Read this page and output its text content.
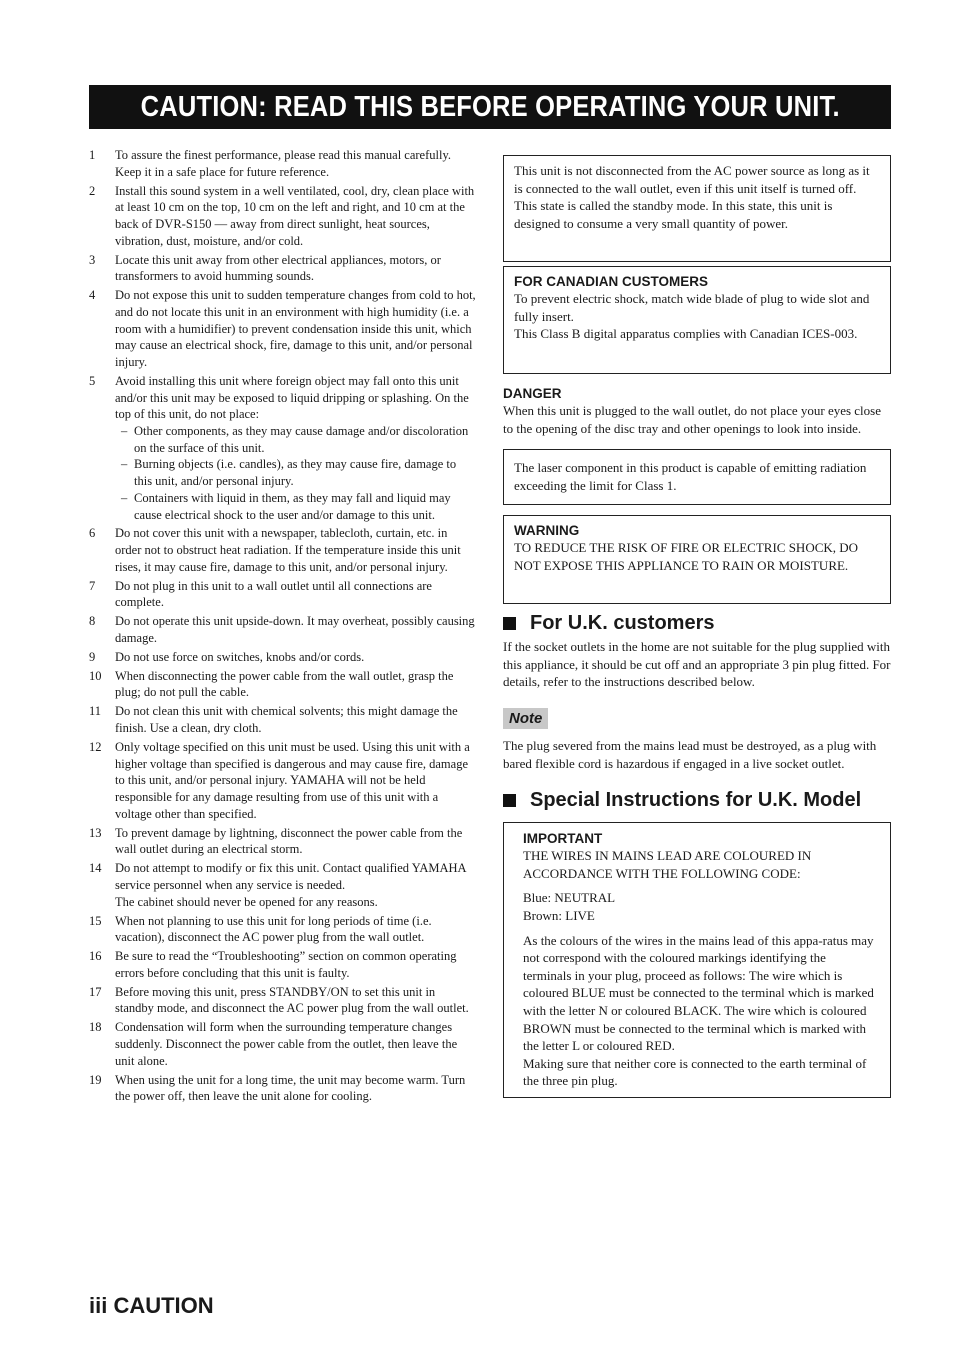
CAUTION: READ THIS BEFORE OPERATING YOUR UNIT.
1	To assure the finest performance, please read this manual carefully. Keep it in a safe place for future reference.
2	Install this sound system in a well ventilated, cool, dry, clean place with at least 10 cm on the top, 10 cm on the left and right, and 10 cm at the back of DVR-S150 — away from direct sunlight, heat sources, vibration, dust, moisture, and/or cold.
3	Locate this unit away from other electrical appliances, motors, or transformers to avoid humming sounds.
4	Do not expose this unit to sudden temperature changes from cold to hot, and do not locate this unit in an environment with high humidity (i.e. a room with a humidifier) to prevent condensation inside this unit, which may cause an electrical shock, fire, damage to this unit, and/or personal injury.
5	Avoid installing this unit where foreign object may fall onto this unit and/or this unit may be exposed to liquid dripping or splashing. On the top of this unit, do not place:
– Other components, as they may cause damage and/or discoloration on the surface of this unit.
– Burning objects (i.e. candles), as they may cause fire, damage to this unit, and/or personal injury.
– Containers with liquid in them, as they may fall and liquid may cause electrical shock to the user and/or damage to this unit.
6	Do not cover this unit with a newspaper, tablecloth, curtain, etc. in order not to obstruct heat radiation. If the temperature inside this unit rises, it may cause fire, damage to this unit, and/or personal injury.
7	Do not plug in this unit to a wall outlet until all connections are complete.
8	Do not operate this unit upside-down. It may overheat, possibly causing damage.
9	Do not use force on switches, knobs and/or cords.
10	When disconnecting the power cable from the wall outlet, grasp the plug; do not pull the cable.
11	Do not clean this unit with chemical solvents; this might damage the finish. Use a clean, dry cloth.
12	Only voltage specified on this unit must be used. Using this unit with a higher voltage than specified is dangerous and may cause fire, damage to this unit, and/or personal injury. YAMAHA will not be held responsible for any damage resulting from use of this unit with a voltage other than specified.
13	To prevent damage by lightning, disconnect the power cable from the wall outlet during an electrical storm.
14	Do not attempt to modify or fix this unit. Contact qualified YAMAHA service personnel when any service is needed.
The cabinet should never be opened for any reasons.
15	When not planning to use this unit for long periods of time (i.e. vacation), disconnect the AC power plug from the wall outlet.
16	Be sure to read the “Troubleshooting” section on common operating errors before concluding that this unit is faulty.
17	Before moving this unit, press STANDBY/ON to set this unit in standby mode, and disconnect the AC power plug from the wall outlet.
18	Condensation will form when the surrounding temperature changes suddenly. Disconnect the power cable from the outlet, then leave the unit alone.
19	When using the unit for a long time, the unit may become warm. Turn the power off, then leave the unit alone for cooling.

This unit is not disconnected from the AC power source as long as it is connected to the wall outlet, even if this unit itself is turned off. This state is called the standby mode. In this state, this unit is designed to consume a very small quantity of power.

FOR CANADIAN CUSTOMERS

To prevent electric shock, match wide blade of plug to wide slot and fully insert.

This Class B digital apparatus complies with Canadian ICES-003.

DANGER

When this unit is plugged to the wall outlet, do not place your eyes close to the opening of the disc tray and other openings to look into inside.

The laser component in this product is capable of emitting radiation exceeding the limit for Class 1.

WARNING

TO REDUCE THE RISK OF FIRE OR ELECTRIC SHOCK, DO NOT EXPOSE THIS APPLIANCE TO RAIN OR MOISTURE.

For U.K. customers

If the socket outlets in the home are not suitable for the plug supplied with this appliance, it should be cut off and an appropriate 3 pin plug fitted. For details, refer to the instructions described below.

Note

The plug severed from the mains lead must be destroyed, as a plug with bared flexible cord is hazardous if engaged in a live socket outlet.

Special Instructions for U.K. Model
IMPORTANT

THE WIRES IN MAINS LEAD ARE COLOURED IN ACCORDANCE WITH THE FOLLOWING CODE:

Blue: NEUTRAL

Brown: LIVE

As the colours of the wires in the mains lead of this appa-ratus may not correspond with the coloured markings identifying the terminals in your plug, proceed as follows: The wire which is coloured BLUE must be connected to the terminal which is marked with the letter N or coloured BLACK. The wire which is coloured BROWN must be connected to the terminal which is marked with the letter L or coloured RED.

Making sure that neither core is connected to the earth terminal of the three pin plug.

iii CAUTION
